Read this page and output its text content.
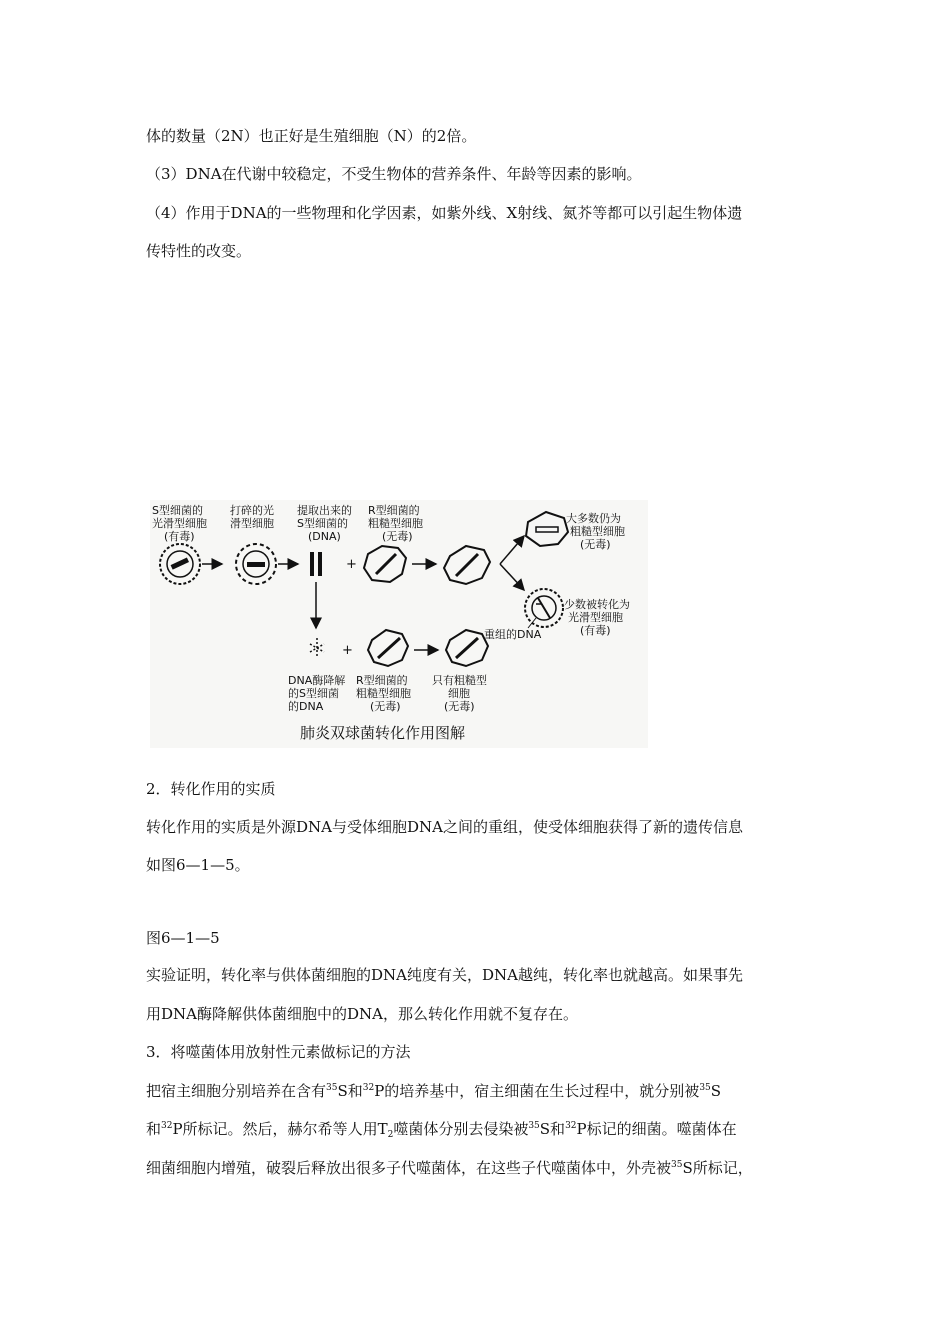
体的数量（2N）也正好是生殖细胞（N）的2倍。
（3）DNA在代谢中较稳定，不受生物体的营养条件、年龄等因素的影响。
（4）作用于DNA的一些物理和化学因素，如紫外线、X射线、氮芥等都可以引起生物体遗
传特性的改变。
S型细菌的 光滑型细胞 (有毒)
打碎的光 滑型细胞
提取出来的 S型细菌的 (DNA)
R型细菌的 粗糙型细胞 (无毒)
大多数仍为 粗糙型细胞 (无毒)
少数被转化为 光滑型细胞 (有毒)
+
+
重组的DNA
DNA酶降解 的S型细菌 的DNA
R型细菌的 粗糙型细胞 (无毒)
只有粗糙型 细胞 (无毒)
肺炎双球菌转化作用图解
2．转化作用的实质
转化作用的实质是外源DNA与受体细胞DNA之间的重组，使受体细胞获得了新的遗传信息
如图6—1—5。
图6—1—5
实验证明，转化率与供体菌细胞的DNA纯度有关，DNA越纯，转化率也就越高。如果事先
用DNA酶降解供体菌细胞中的DNA，那么转化作用就不复存在。
3．将噬菌体用放射性元素做标记的方法
把宿主细胞分别培养在含有$^{35}$S和$^{32}$P的培养基中，宿主细菌在生长过程中，就分别被$^{35}$S
和$^{32}$P所标记。然后，赫尔希等人用$T_2$噬菌体分别去侵染被$^{35}$S和$^{32}$P标记的细菌。噬菌体在
细菌细胞内增殖，破裂后释放出很多子代噬菌体，在这些子代噬菌体中，外壳被$^{35}$S所标记，
